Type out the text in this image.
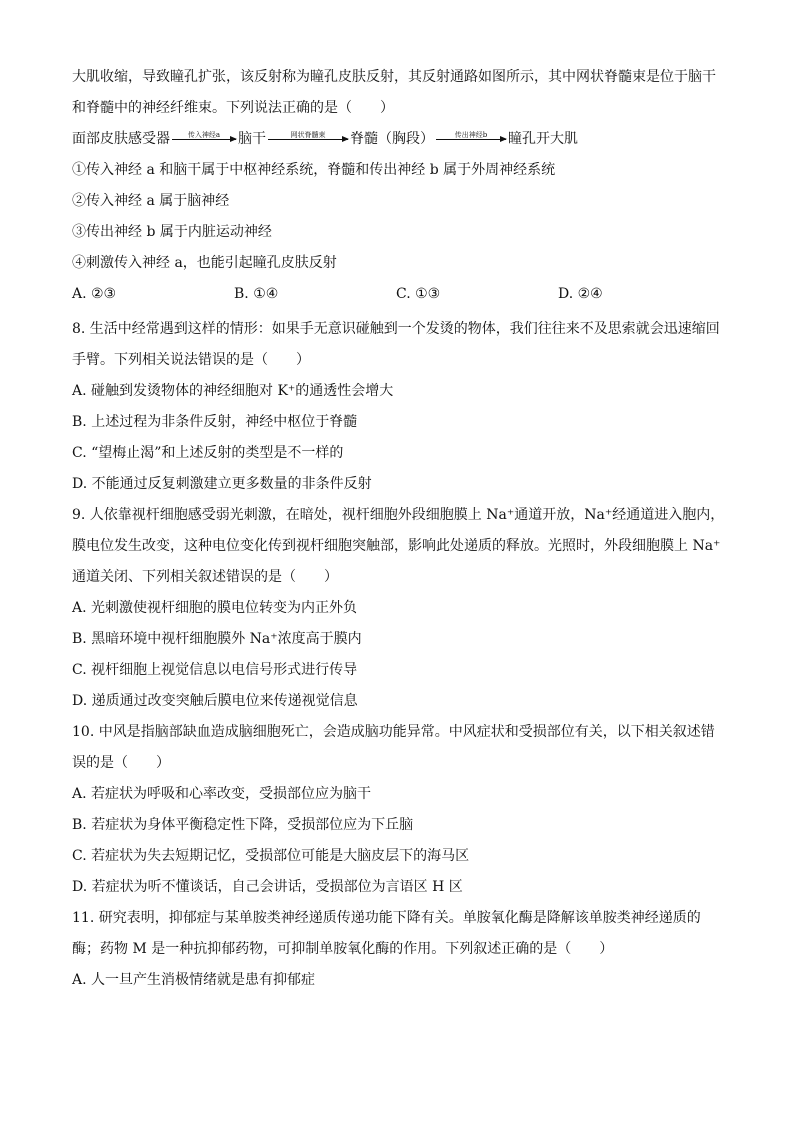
大肌收缩，导致瞳孔扩张，该反射称为瞳孔皮肤反射，其反射通路如图所示，其中网状脊髓束是位于脑干
和脊髓中的神经纤维束。下列说法正确的是（　　）
面部皮肤感受器	传入神经a	脑干	网状脊髓束	脊髓（胸段）	传出神经b	瞳孔开大肌
①传入神经 a 和脑干属于中枢神经系统，脊髓和传出神经 b 属于外周神经系统
②传入神经 a 属于脑神经
③传出神经 b 属于内脏运动神经
④刺激传入神经 a，也能引起瞳孔皮肤反射
A. ②③	B. ①④	C. ①③	D. ②④
8. 生活中经常遇到这样的情形：如果手无意识碰触到一个发烫的物体，我们往往来不及思索就会迅速缩回
手臂。下列相关说法错误的是（　　）
A. 碰触到发烫物体的神经细胞对 K⁺的通透性会增大
B. 上述过程为非条件反射，神经中枢位于脊髓
C. “望梅止渴”和上述反射的类型是不一样的
D. 不能通过反复刺激建立更多数量的非条件反射
9. 人依靠视杆细胞感受弱光刺激，在暗处，视杆细胞外段细胞膜上 Na⁺通道开放，Na⁺经通道进入胞内，
膜电位发生改变，这种电位变化传到视杆细胞突触部，影响此处递质的释放。光照时，外段细胞膜上 Na⁺
通道关闭、下列相关叙述错误的是（　　）
A. 光刺激使视杆细胞的膜电位转变为内正外负
B. 黑暗环境中视杆细胞膜外 Na⁺浓度高于膜内
C. 视杆细胞上视觉信息以电信号形式进行传导
D. 递质通过改变突触后膜电位来传递视觉信息
10. 中风是指脑部缺血造成脑细胞死亡，会造成脑功能异常。中风症状和受损部位有关，以下相关叙述错
误的是（　　）
A. 若症状为呼吸和心率改变，受损部位应为脑干
B. 若症状为身体平衡稳定性下降，受损部位应为下丘脑
C. 若症状为失去短期记忆，受损部位可能是大脑皮层下的海马区
D. 若症状为听不懂谈话，自己会讲话，受损部位为言语区 H 区
11. 研究表明，抑郁症与某单胺类神经递质传递功能下降有关。单胺氧化酶是降解该单胺类神经递质的
酶；药物 M 是一种抗抑郁药物，可抑制单胺氧化酶的作用。下列叙述正确的是（　　）
A. 人一旦产生消极情绪就是患有抑郁症
